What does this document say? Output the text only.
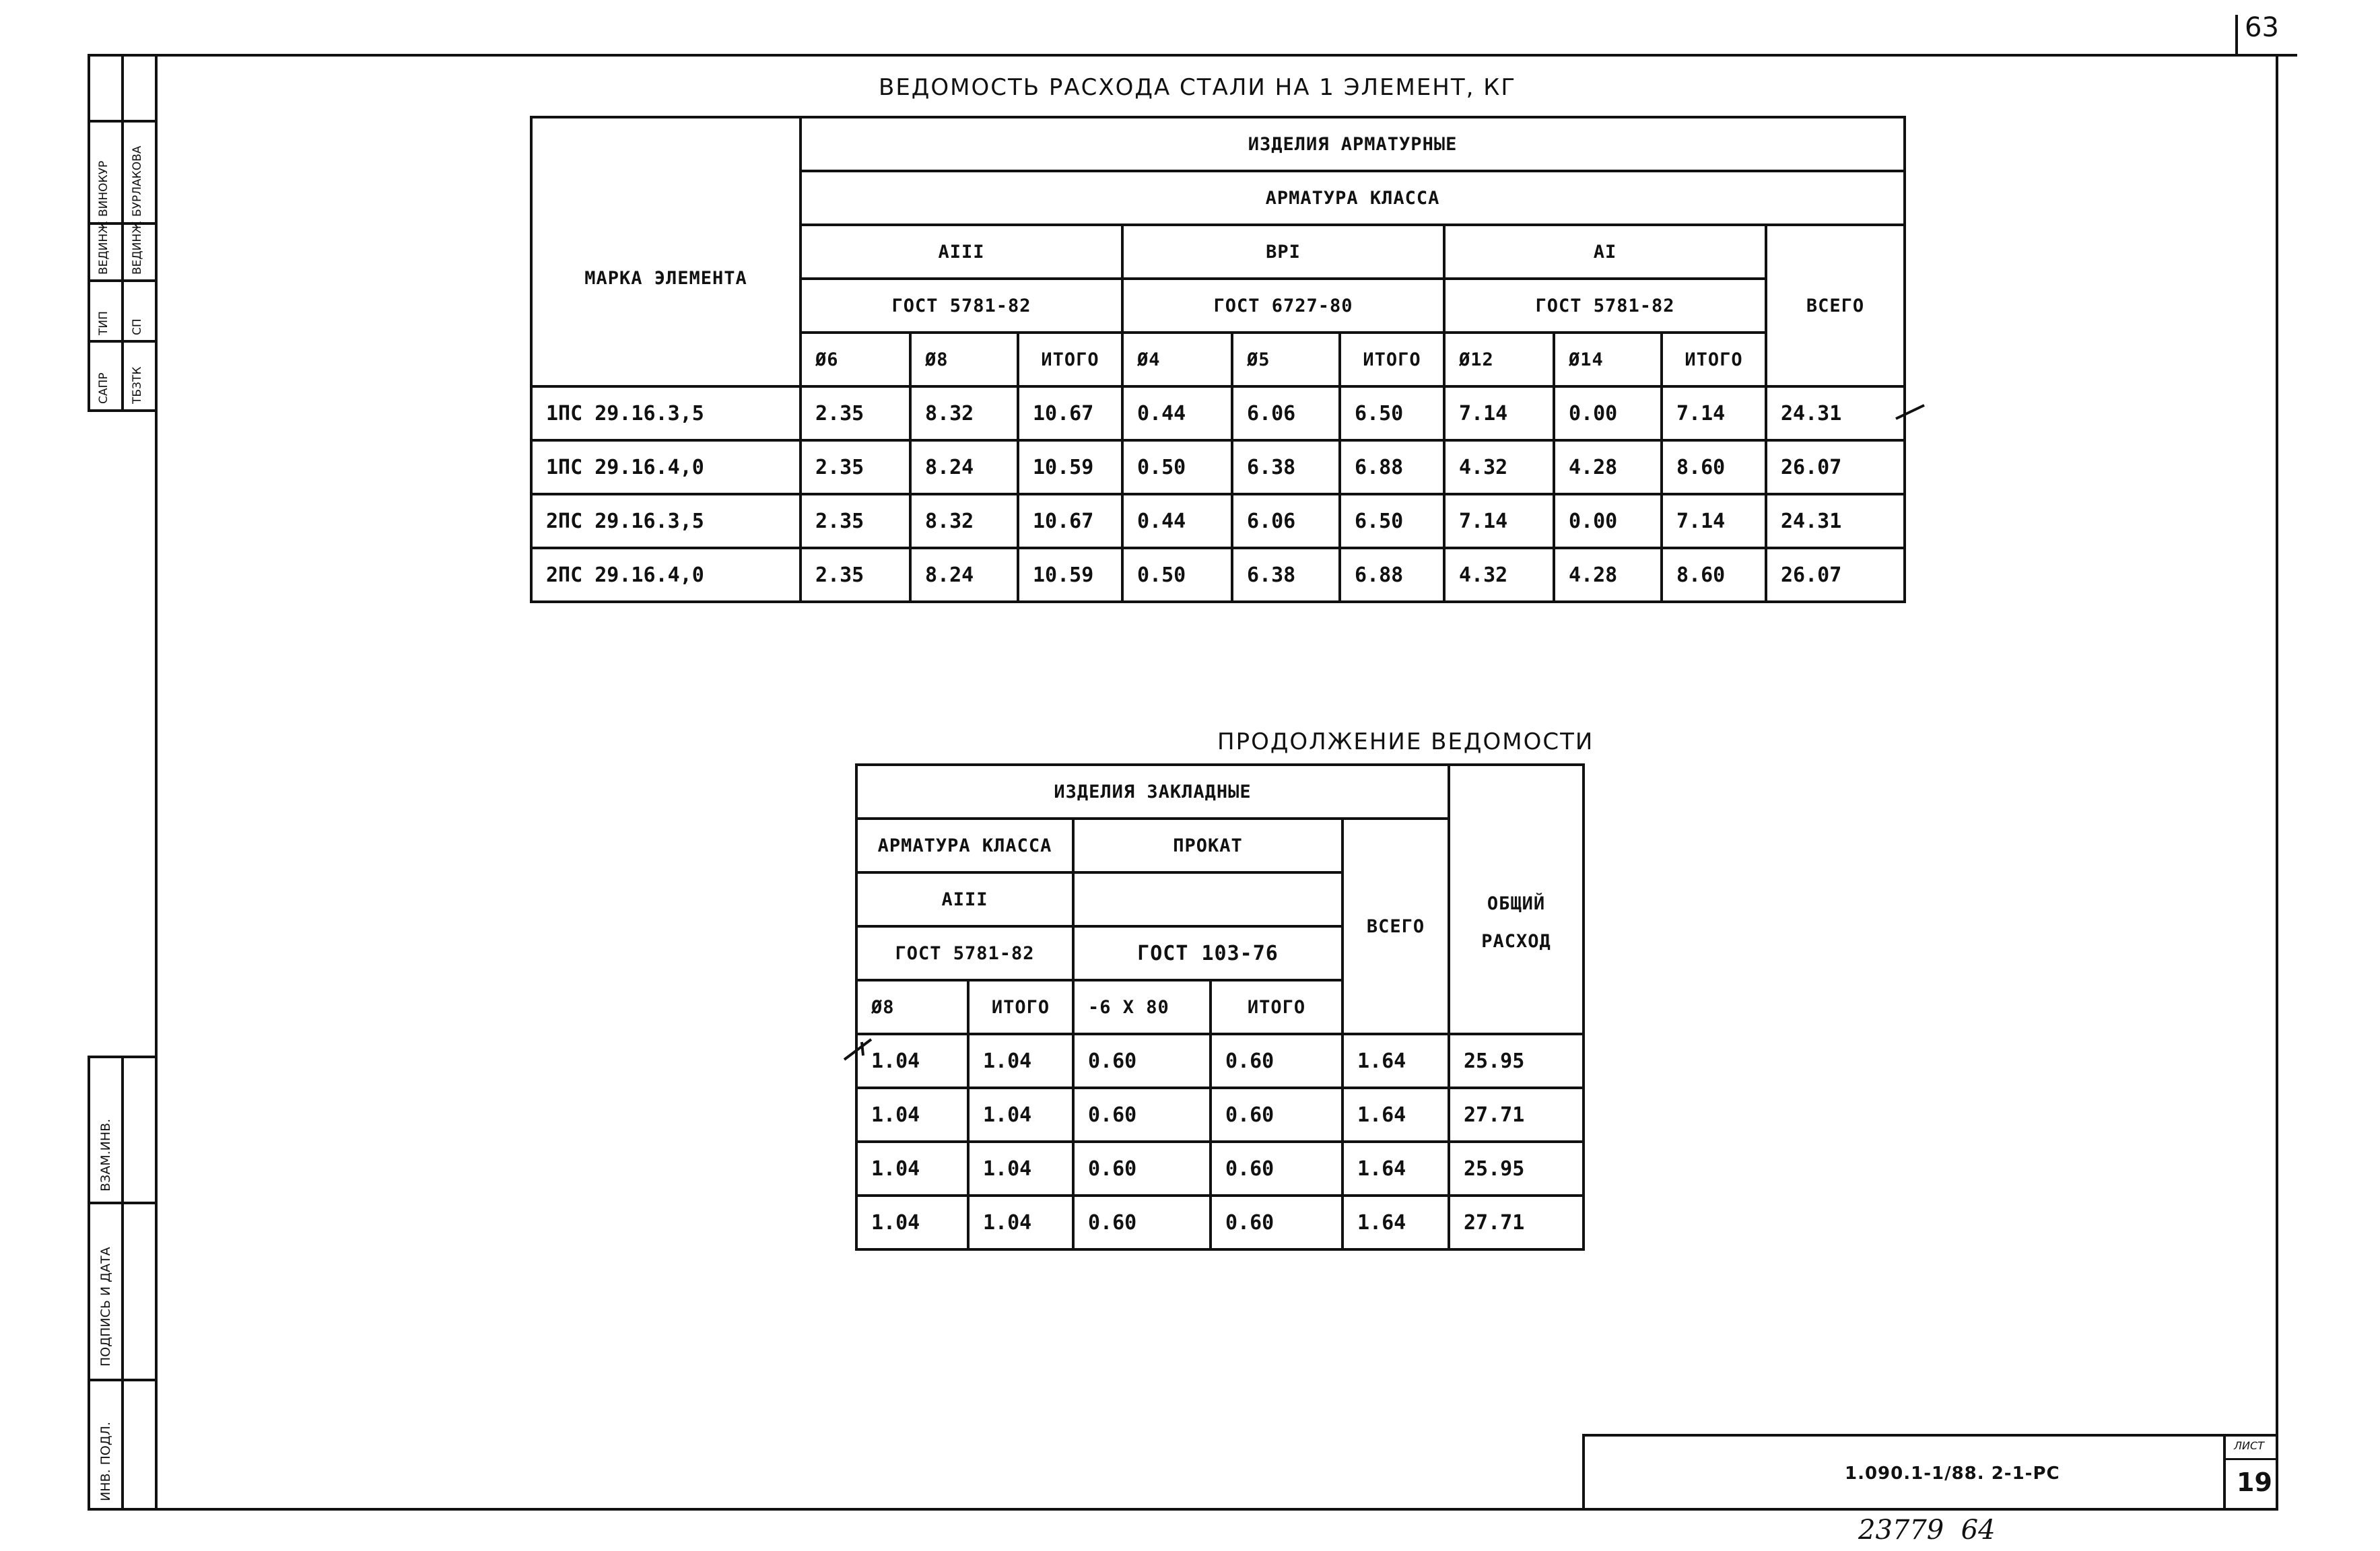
63
ВИНОКУР
ВЕДИНЖ
ТИП
САПР
БУРЛАКОВА
ВЕДИНЖ
СП
ТБЗТК
ВЗАМ.ИНВ.
ПОДПИСЬ И ДАТА
ИНВ. ПОДЛ.
ВЕДОМОСТЬ РАСХОДА СТАЛИ НА 1 ЭЛЕМЕНТ, КГ
	ИЗДЕЛИЯ АРМАТУРНЫЕ									
МАРКА ЭЛЕМЕНТА	АРМАТУРА КЛАССА									
	АIII			ВРI			АI			ВСЕГО
	ГОСТ 5781-82			ГОСТ 6727-80			ГОСТ 5781-82			
	Ø6	Ø8	ИТОГО	Ø4	Ø5	ИТОГО	Ø12	Ø14	ИТОГО	
1ПС 29.16.3,5	2.35	8.32	10.67	0.44	6.06	6.50	7.14	0.00	7.14	24.31
1ПС 29.16.4,0	2.35	8.24	10.59	0.50	6.38	6.88	4.32	4.28	8.60	26.07
2ПС 29.16.3,5	2.35	8.32	10.67	0.44	6.06	6.50	7.14	0.00	7.14	24.31
2ПС 29.16.4,0	2.35	8.24	10.59	0.50	6.38	6.88	4.32	4.28	8.60	26.07
ПРОДОЛЖЕНИЕ ВЕДОМОСТИ
ИЗДЕЛИЯ ЗАКЛАДНЫЕ					ОБЩИЙ РАСХОД
АРМАТУРА КЛАССА		ПРОКАТ		ВСЕГО	
АIII					
ГОСТ 5781-82		ГОСТ 103-76			
Ø8	ИТОГО	-6 Х 80	ИТОГО		
1.04	1.04	0.60	0.60	1.64	25.95
1.04	1.04	0.60	0.60	1.64	27.71
1.04	1.04	0.60	0.60	1.64	25.95
1.04	1.04	0.60	0.60	1.64	27.71
1.090.1-1/88. 2-1-РС
ЛИСТ
19
23779  64
